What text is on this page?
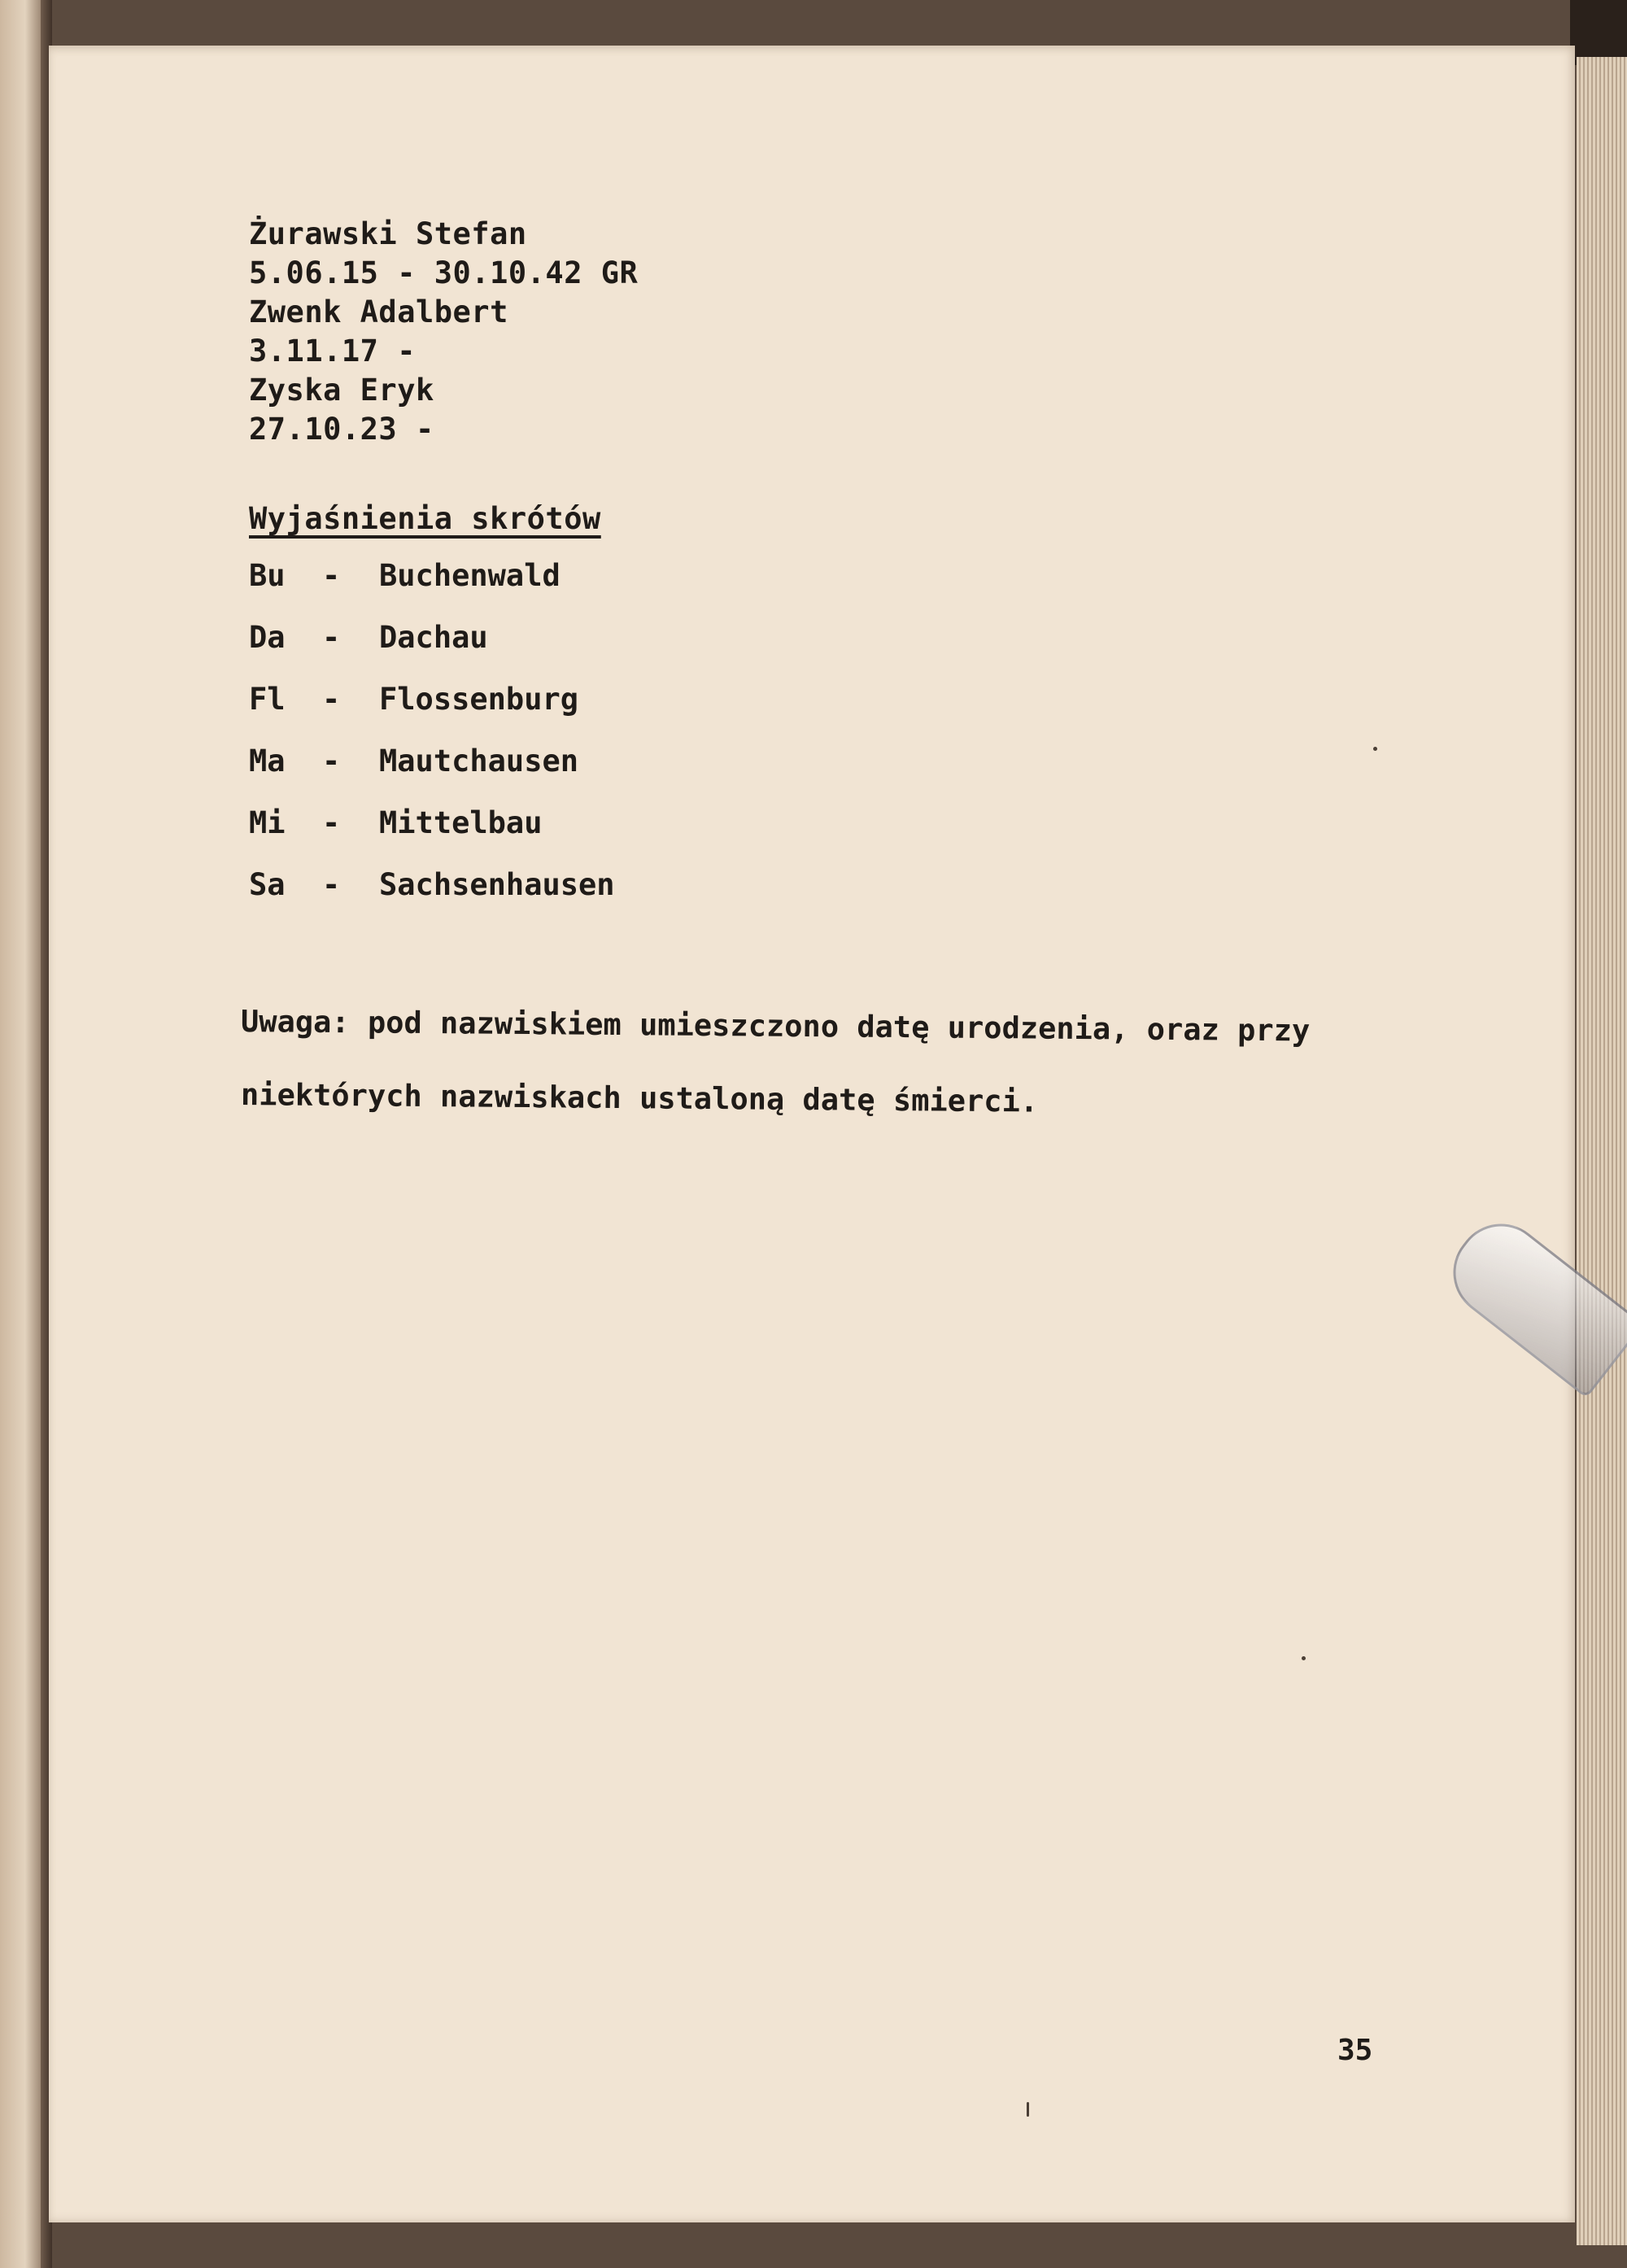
Żurawski Stefan
5.06.15 - 30.10.42 GR
Zwenk Adalbert
3.11.17 -
Zyska Eryk
27.10.23 -
Wyjaśnienia skrótów
Bu - Buchenwald
Da - Dachau
Fl - Flossenburg
Ma - Mautchausen
Mi - Mittelbau
Sa - Sachsenhausen
Uwaga: pod nazwiskiem umieszczono datę urodzenia, oraz przy
niektórych nazwiskach ustaloną datę śmierci.
35
